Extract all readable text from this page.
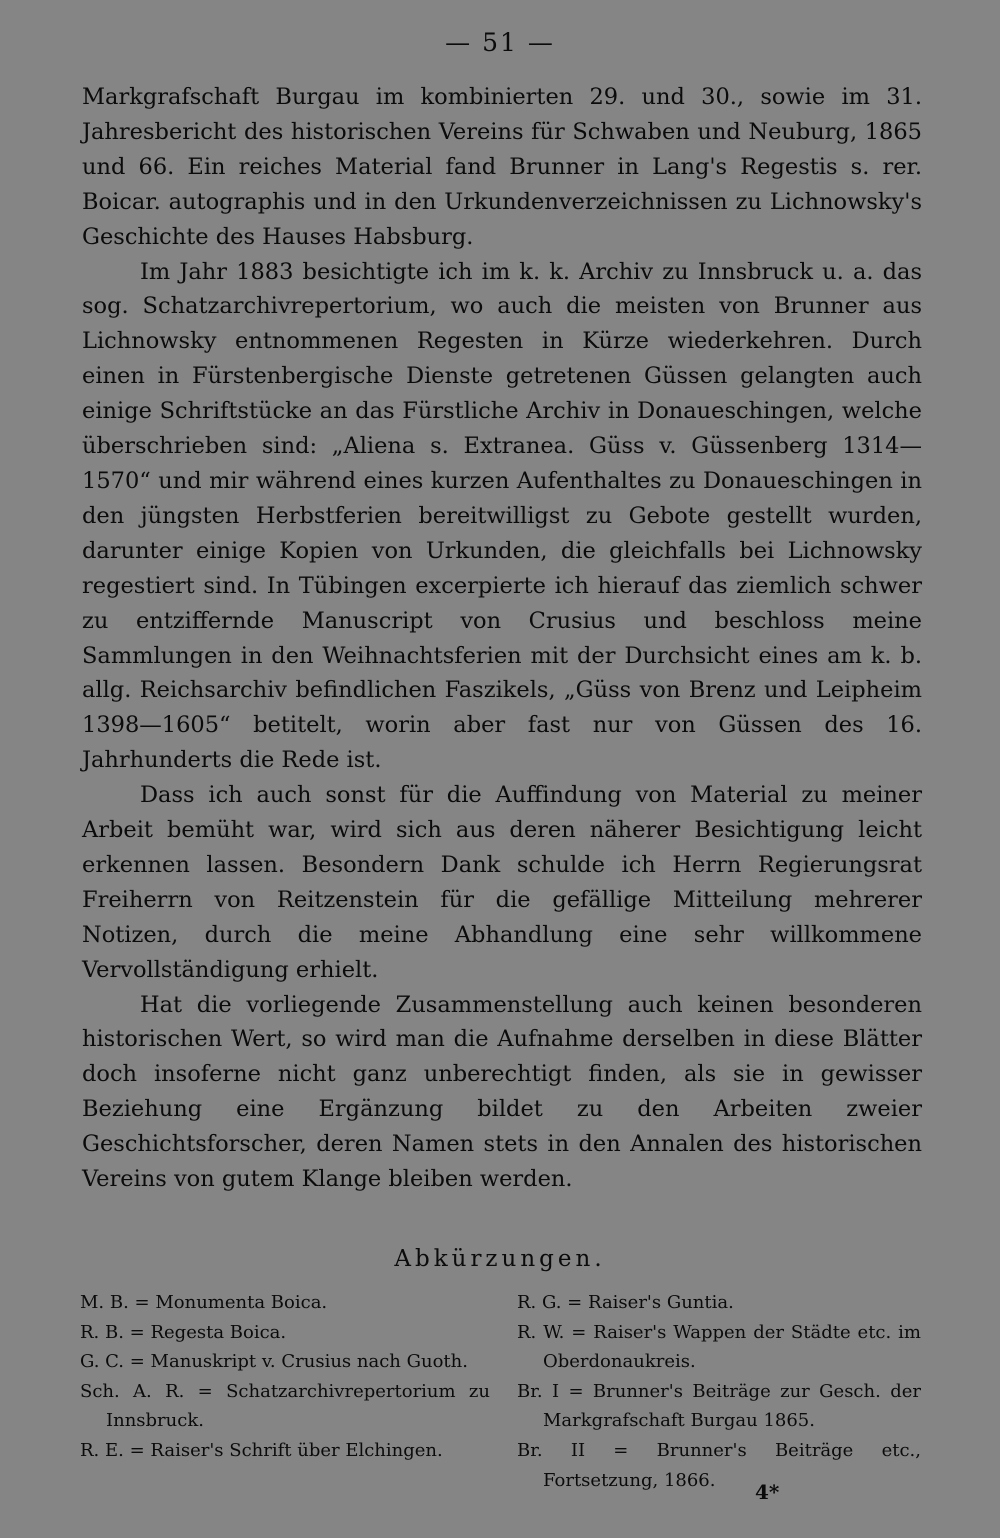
— 51 —

Markgrafschaft Burgau im kombinierten 29. und 30., sowie im 31. Jahresbericht des historischen Vereins für Schwaben und Neuburg, 1865 und 66. Ein reiches Material fand Brunner in Lang's Regestis s. rer. Boicar. autographis und in den Urkundenverzeichnissen zu Lichnowsky's Geschichte des Hauses Habsburg.

Im Jahr 1883 besichtigte ich im k. k. Archiv zu Innsbruck u. a. das sog. Schatzarchivrepertorium, wo auch die meisten von Brunner aus Lichnowsky entnommenen Regesten in Kürze wiederkehren. Durch einen in Fürstenbergische Dienste getretenen Güssen gelangten auch einige Schriftstücke an das Fürstliche Archiv in Donaueschingen, welche überschrieben sind: „Aliena s. Extranea. Güss v. Güssenberg 1314—1570“ und mir während eines kurzen Aufenthaltes zu Donaueschingen in den jüngsten Herbstferien bereitwilligst zu Gebote gestellt wurden, darunter einige Kopien von Urkunden, die gleichfalls bei Lichnowsky regestiert sind. In Tübingen excerpierte ich hierauf das ziemlich schwer zu entziffernde Manuscript von Crusius und beschloss meine Sammlungen in den Weihnachtsferien mit der Durchsicht eines am k. b. allg. Reichsarchiv befindlichen Faszikels, „Güss von Brenz und Leipheim 1398—1605“ betitelt, worin aber fast nur von Güssen des 16. Jahrhunderts die Rede ist.

Dass ich auch sonst für die Auffindung von Material zu meiner Arbeit bemüht war, wird sich aus deren näherer Besichtigung leicht erkennen lassen. Besondern Dank schulde ich Herrn Regierungsrat Freiherrn von Reitzenstein für die gefällige Mitteilung mehrerer Notizen, durch die meine Abhandlung eine sehr willkommene Vervollständigung erhielt.

Hat die vorliegende Zusammenstellung auch keinen besonderen historischen Wert, so wird man die Aufnahme derselben in diese Blätter doch insoferne nicht ganz unberechtigt finden, als sie in gewisser Beziehung eine Ergänzung bildet zu den Arbeiten zweier Geschichtsforscher, deren Namen stets in den Annalen des historischen Vereins von gutem Klange bleiben werden.

Abkürzungen.

M. B. = Monumenta Boica.

R. B. = Regesta Boica.

G. C. = Manuskript v. Crusius nach Guoth.

Sch. A. R. = Schatzarchivrepertorium zu Innsbruck.

R. E. = Raiser's Schrift über Elchingen.

R. G. = Raiser's Guntia.

R. W. = Raiser's Wappen der Städte etc. im Oberdonaukreis.

Br. I = Brunner's Beiträge zur Gesch. der Markgrafschaft Burgau 1865.

Br. II = Brunner's Beiträge etc., Fortsetzung, 1866.	4*
